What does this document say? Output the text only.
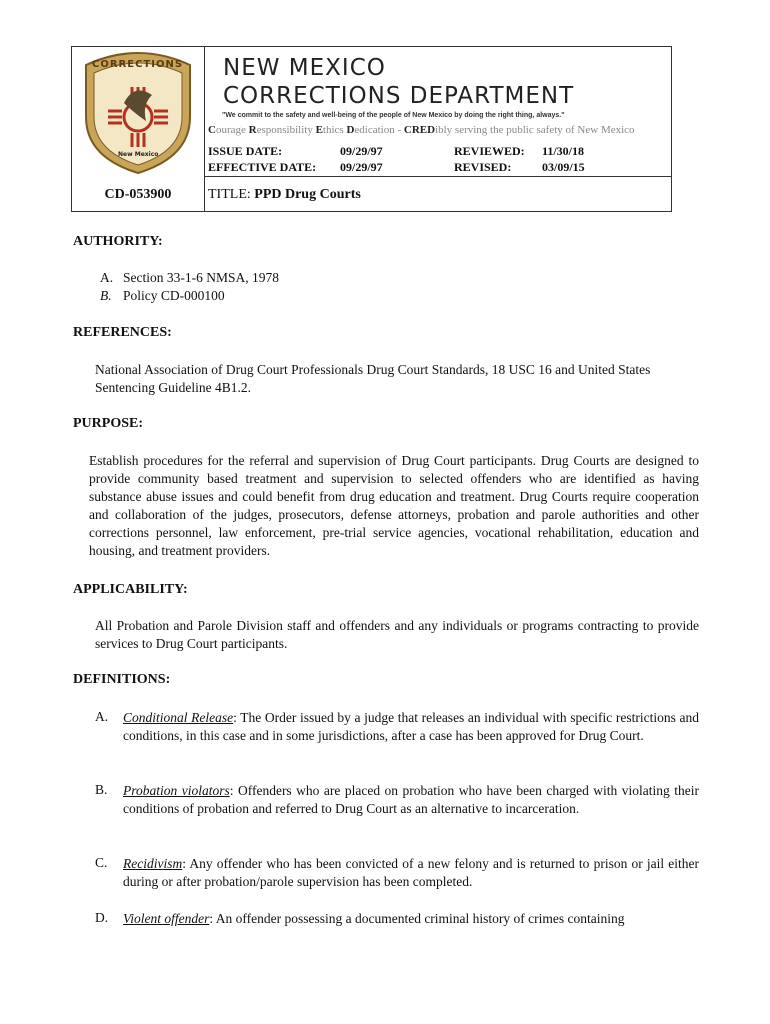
CORRECTIONS
New Mexico
NEW MEXICO
CORRECTIONS DEPARTMENT
"We commit to the safety and well-being of the people of New Mexico by doing the right thing, always."
Courage Responsibility Ethics Dedication - CREDibly serving the public safety of New Mexico
ISSUE DATE:	09/29/97	REVIEWED: 11/30/18
EFFECTIVE DATE: 09/29/97	REVISED:	03/09/15
CD-053900	TITLE: PPD Drug Courts
AUTHORITY:
A. Section 33-1-6 NMSA, 1978
B. Policy CD-000100
REFERENCES:
National Association of Drug Court Professionals Drug Court Standards, 18 USC 16 and United States
Sentencing Guideline 4B1.2.
PURPOSE:
Establish procedures for the referral and supervision of Drug Court participants. Drug Courts are designed to provide community based treatment and supervision to selected offenders who are identified as having substance abuse issues and could benefit from drug education and treatment. Drug Courts require cooperation and collaboration of the judges, prosecutors, defense attorneys, probation and parole authorities and other corrections personnel, law enforcement, pre-trial service agencies, vocational rehabilitation, education and housing, and treatment providers.
APPLICABILITY:
All Probation and Parole Division staff and offenders and any individuals or programs contracting to provide services to Drug Court participants.
DEFINITIONS:
A. Conditional Release: The Order issued by a judge that releases an individual with specific restrictions and conditions, in this case and in some jurisdictions, after a case has been approved for Drug Court.
B. Probation violators: Offenders who are placed on probation who have been charged with violating their conditions of probation and referred to Drug Court as an alternative to incarceration.
C. Recidivism: Any offender who has been convicted of a new felony and is returned to prison or jail either during or after probation/parole supervision has been completed.
D. Violent offender: An offender possessing a documented criminal history of crimes containing
